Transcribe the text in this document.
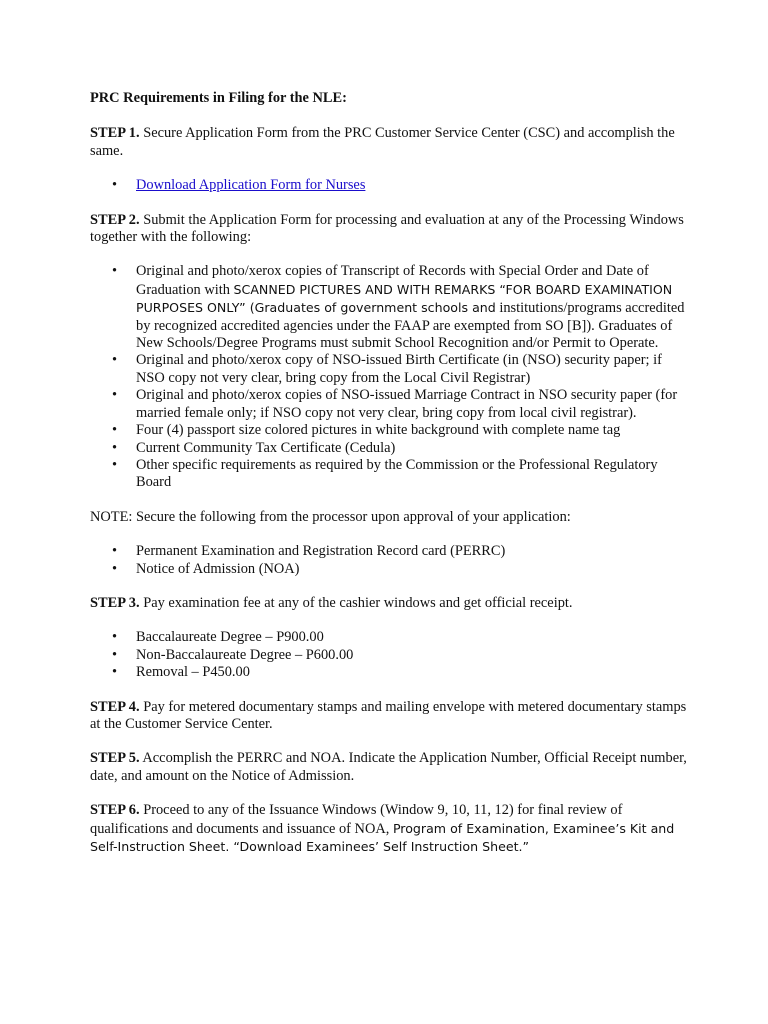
PRC Requirements in Filing for the NLE:

STEP 1. Secure Application Form from the PRC Customer Service Center (CSC) and accomplish the same.

• Download Application Form for Nurses

STEP 2. Submit the Application Form for processing and evaluation at any of the Processing Windows together with the following:

• Original and photo/xerox copies of Transcript of Records with Special Order and Date of Graduation with SCANNED PICTURES AND WITH REMARKS “FOR BOARD EXAMINATION PURPOSES ONLY” (Graduates of government schools and institutions/programs accredited by recognized accredited agencies under the FAAP are exempted from SO [B]). Graduates of New Schools/Degree Programs must submit School Recognition and/or Permit to Operate.
• Original and photo/xerox copy of NSO-issued Birth Certificate (in (NSO) security paper; if NSO copy not very clear, bring copy from the Local Civil Registrar)
• Original and photo/xerox copies of NSO-issued Marriage Contract in NSO security paper (for married female only; if NSO copy not very clear, bring copy from local civil registrar).
• Four (4) passport size colored pictures in white background with complete name tag
• Current Community Tax Certificate (Cedula)
• Other specific requirements as required by the Commission or the Professional Regulatory Board

NOTE: Secure the following from the processor upon approval of your application:

• Permanent Examination and Registration Record card (PERRC)
• Notice of Admission (NOA)

STEP 3. Pay examination fee at any of the cashier windows and get official receipt.

• Baccalaureate Degree – P900.00
• Non-Baccalaureate Degree – P600.00
• Removal – P450.00

STEP 4. Pay for metered documentary stamps and mailing envelope with metered documentary stamps at the Customer Service Center.

STEP 5. Accomplish the PERRC and NOA. Indicate the Application Number, Official Receipt number, date, and amount on the Notice of Admission.

STEP 6. Proceed to any of the Issuance Windows (Window 9, 10, 11, 12) for final review of qualifications and documents and issuance of NOA, Program of Examination, Examinee’s Kit and Self-Instruction Sheet. “Download Examinees’ Self Instruction Sheet.”
